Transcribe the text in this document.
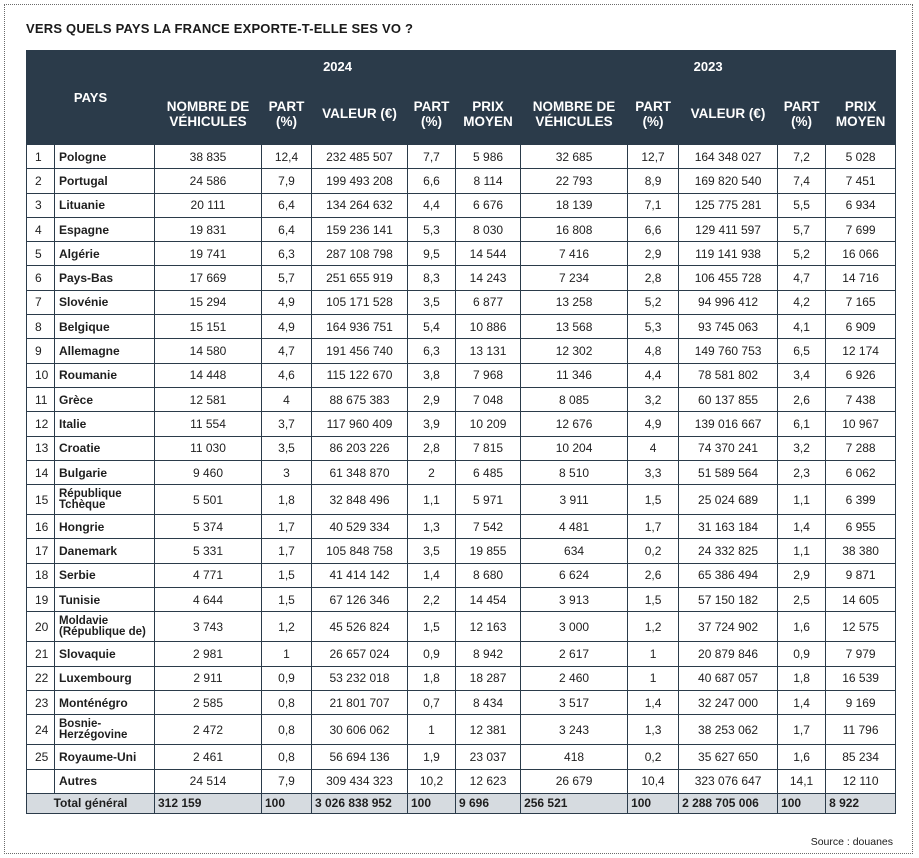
VERS QUELS PAYS LA FRANCE EXPORTE-T-ELLE SES VO ?
PAYS		2024					2023				
		NOMBRE DE VÉHICULES	PART (%)	VALEUR (€)	PART (%)	PRIX MOYEN	NOMBRE DE VÉHICULES	PART (%)	VALEUR (€)	PART (%)	PRIX MOYEN
1	Pologne	38 835	12,4	232 485 507	7,7	5 986	32 685	12,7	164 348 027	7,2	5 028
2	Portugal	24 586	7,9	199 493 208	6,6	8 114	22 793	8,9	169 820 540	7,4	7 451
3	Lituanie	20 111	6,4	134 264 632	4,4	6 676	18 139	7,1	125 775 281	5,5	6 934
4	Espagne	19 831	6,4	159 236 141	5,3	8 030	16 808	6,6	129 411 597	5,7	7 699
5	Algérie	19 741	6,3	287 108 798	9,5	14 544	7 416	2,9	119 141 938	5,2	16 066
6	Pays-Bas	17 669	5,7	251 655 919	8,3	14 243	7 234	2,8	106 455 728	4,7	14 716
7	Slovénie	15 294	4,9	105 171 528	3,5	6 877	13 258	5,2	94 996 412	4,2	7 165
8	Belgique	15 151	4,9	164 936 751	5,4	10 886	13 568	5,3	93 745 063	4,1	6 909
9	Allemagne	14 580	4,7	191 456 740	6,3	13 131	12 302	4,8	149 760 753	6,5	12 174
10	Roumanie	14 448	4,6	115 122 670	3,8	7 968	11 346	4,4	78 581 802	3,4	6 926
11	Grèce	12 581	4	88 675 383	2,9	7 048	8 085	3,2	60 137 855	2,6	7 438
12	Italie	11 554	3,7	117 960 409	3,9	10 209	12 676	4,9	139 016 667	6,1	10 967
13	Croatie	11 030	3,5	86 203 226	2,8	7 815	10 204	4	74 370 241	3,2	7 288
14	Bulgarie	9 460	3	61 348 870	2	6 485	8 510	3,3	51 589 564	2,3	6 062
15	République Tchèque	5 501	1,8	32 848 496	1,1	5 971	3 911	1,5	25 024 689	1,1	6 399
16	Hongrie	5 374	1,7	40 529 334	1,3	7 542	4 481	1,7	31 163 184	1,4	6 955
17	Danemark	5 331	1,7	105 848 758	3,5	19 855	634	0,2	24 332 825	1,1	38 380
18	Serbie	4 771	1,5	41 414 142	1,4	8 680	6 624	2,6	65 386 494	2,9	9 871
19	Tunisie	4 644	1,5	67 126 346	2,2	14 454	3 913	1,5	57 150 182	2,5	14 605
20	Moldavie (République de)	3 743	1,2	45 526 824	1,5	12 163	3 000	1,2	37 724 902	1,6	12 575
21	Slovaquie	2 981	1	26 657 024	0,9	8 942	2 617	1	20 879 846	0,9	7 979
22	Luxembourg	2 911	0,9	53 232 018	1,8	18 287	2 460	1	40 687 057	1,8	16 539
23	Monténégro	2 585	0,8	21 801 707	0,7	8 434	3 517	1,4	32 247 000	1,4	9 169
24	Bosnie-Herzégovine	2 472	0,8	30 606 062	1	12 381	3 243	1,3	38 253 062	1,7	11 796
25	Royaume-Uni	2 461	0,8	56 694 136	1,9	23 037	418	0,2	35 627 650	1,6	85 234
	Autres	24 514	7,9	309 434 323	10,2	12 623	26 679	10,4	323 076 647	14,1	12 110
Total général		312 159	100	3 026 838 952	100	9 696	256 521	100	2 288 705 006	100	8 922
Source : douanes
